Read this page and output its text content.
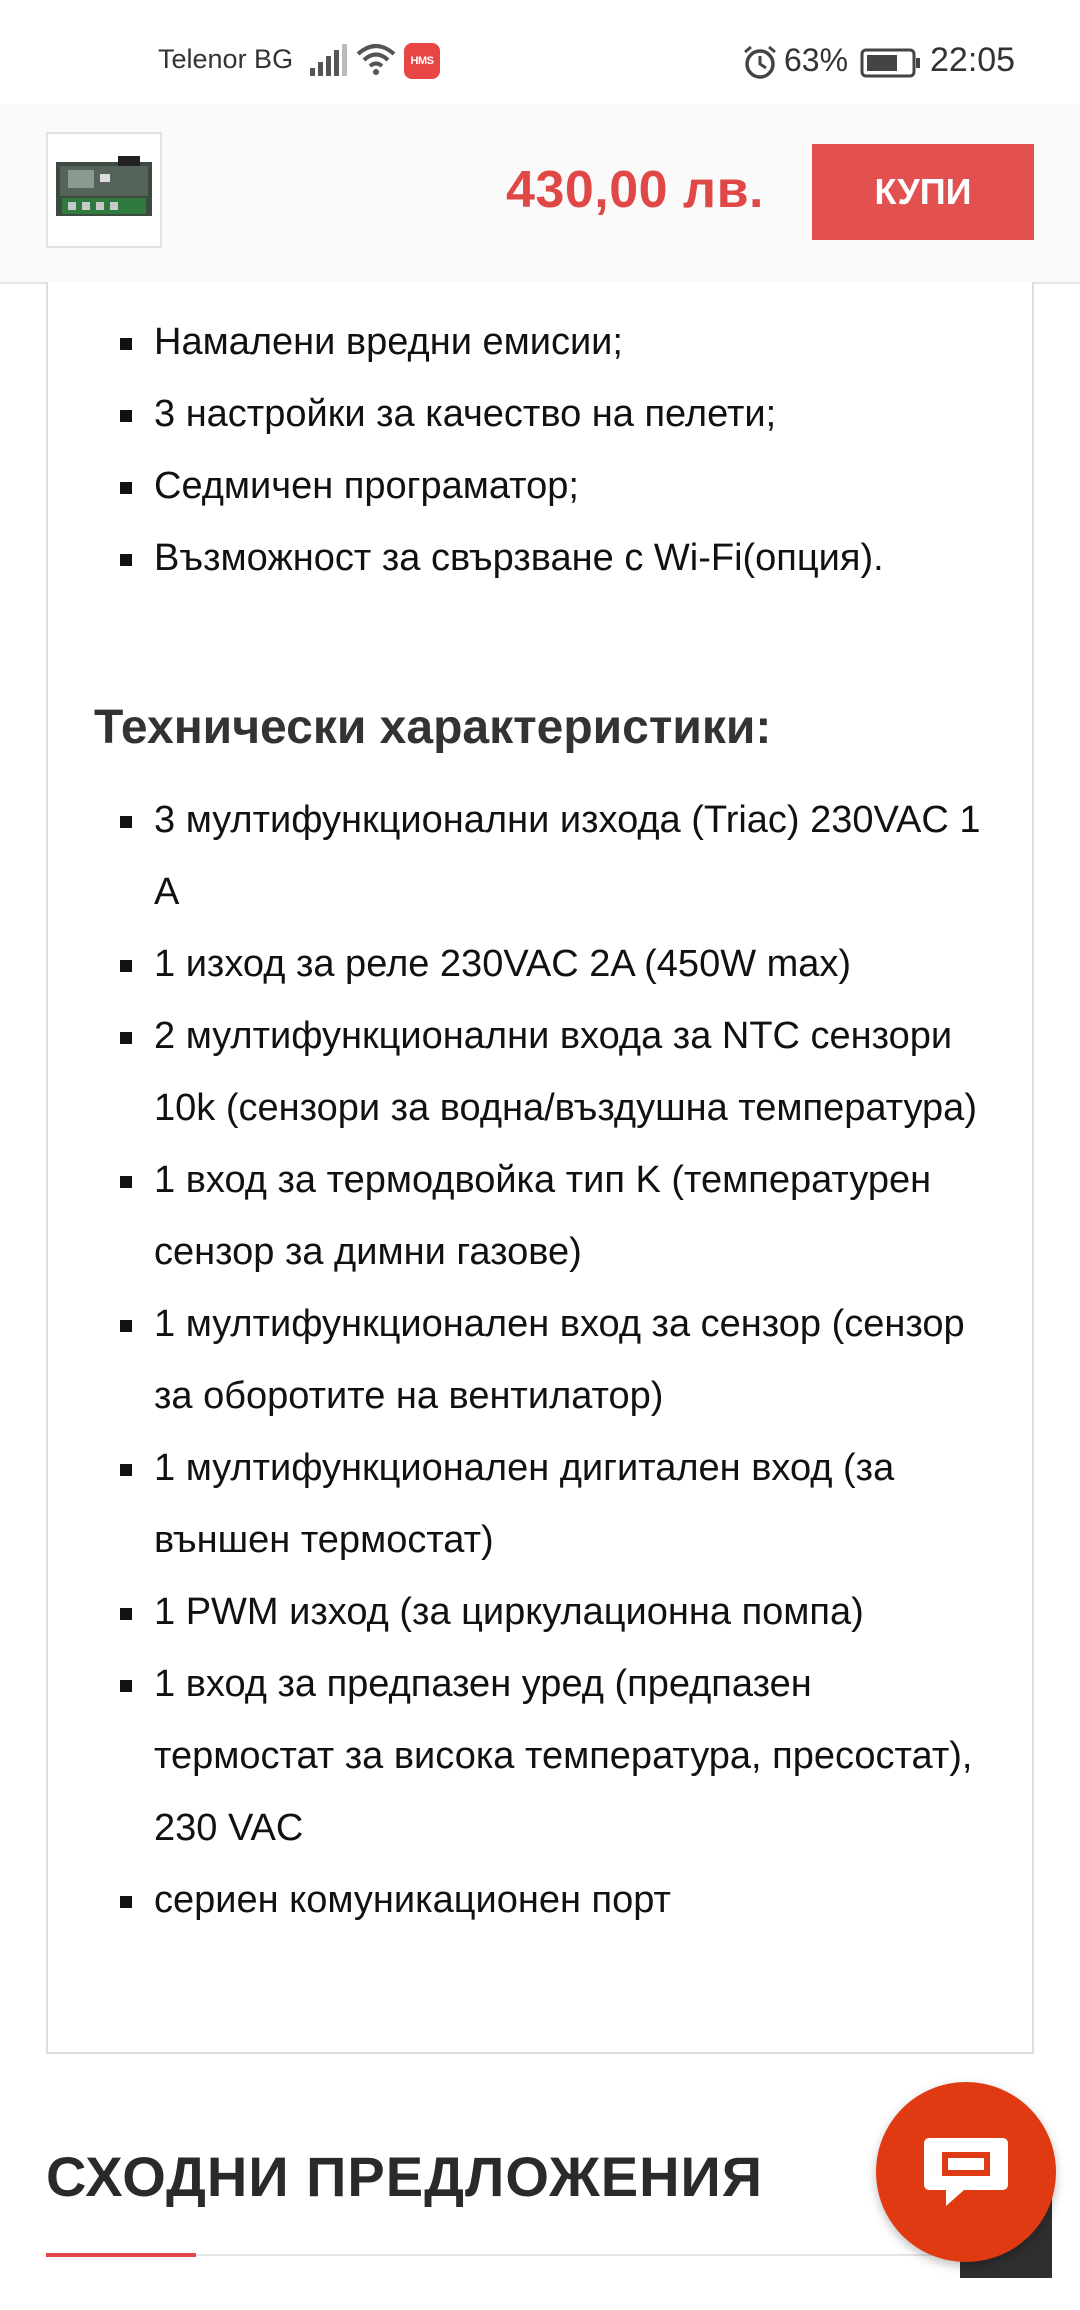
Telenor BG	HMS	63% 22:05
430,00 лв.	КУПИ
Намалени вредни емисии;
3 настройки за качество на пелети;
Седмичен програматор;
Възможност за свързване с Wi-Fi(опция).
Технически характеристики:
3 мултифункционални изхода (Triac) 230VAC 1 A
1 изход за реле 230VAC 2A (450W max)
2 мултифункционални входа за NTC сензори 10k (сензори за водна/въздушна температура)
1 вход за термодвойка тип K (температурен сензор за димни газове)
1 мултифункционален вход за сензор (сензор за оборотите на вентилатор)
1 мултифункционален дигитален вход (за външен термостат)
1 PWM изход (за циркулационна помпа)
1 вход за предпазен уред (предпазен термостат за висока температура, пресостат), 230 VAC
сериен комуникационен порт
СХОДНИ ПРЕДЛОЖЕНИЯ
